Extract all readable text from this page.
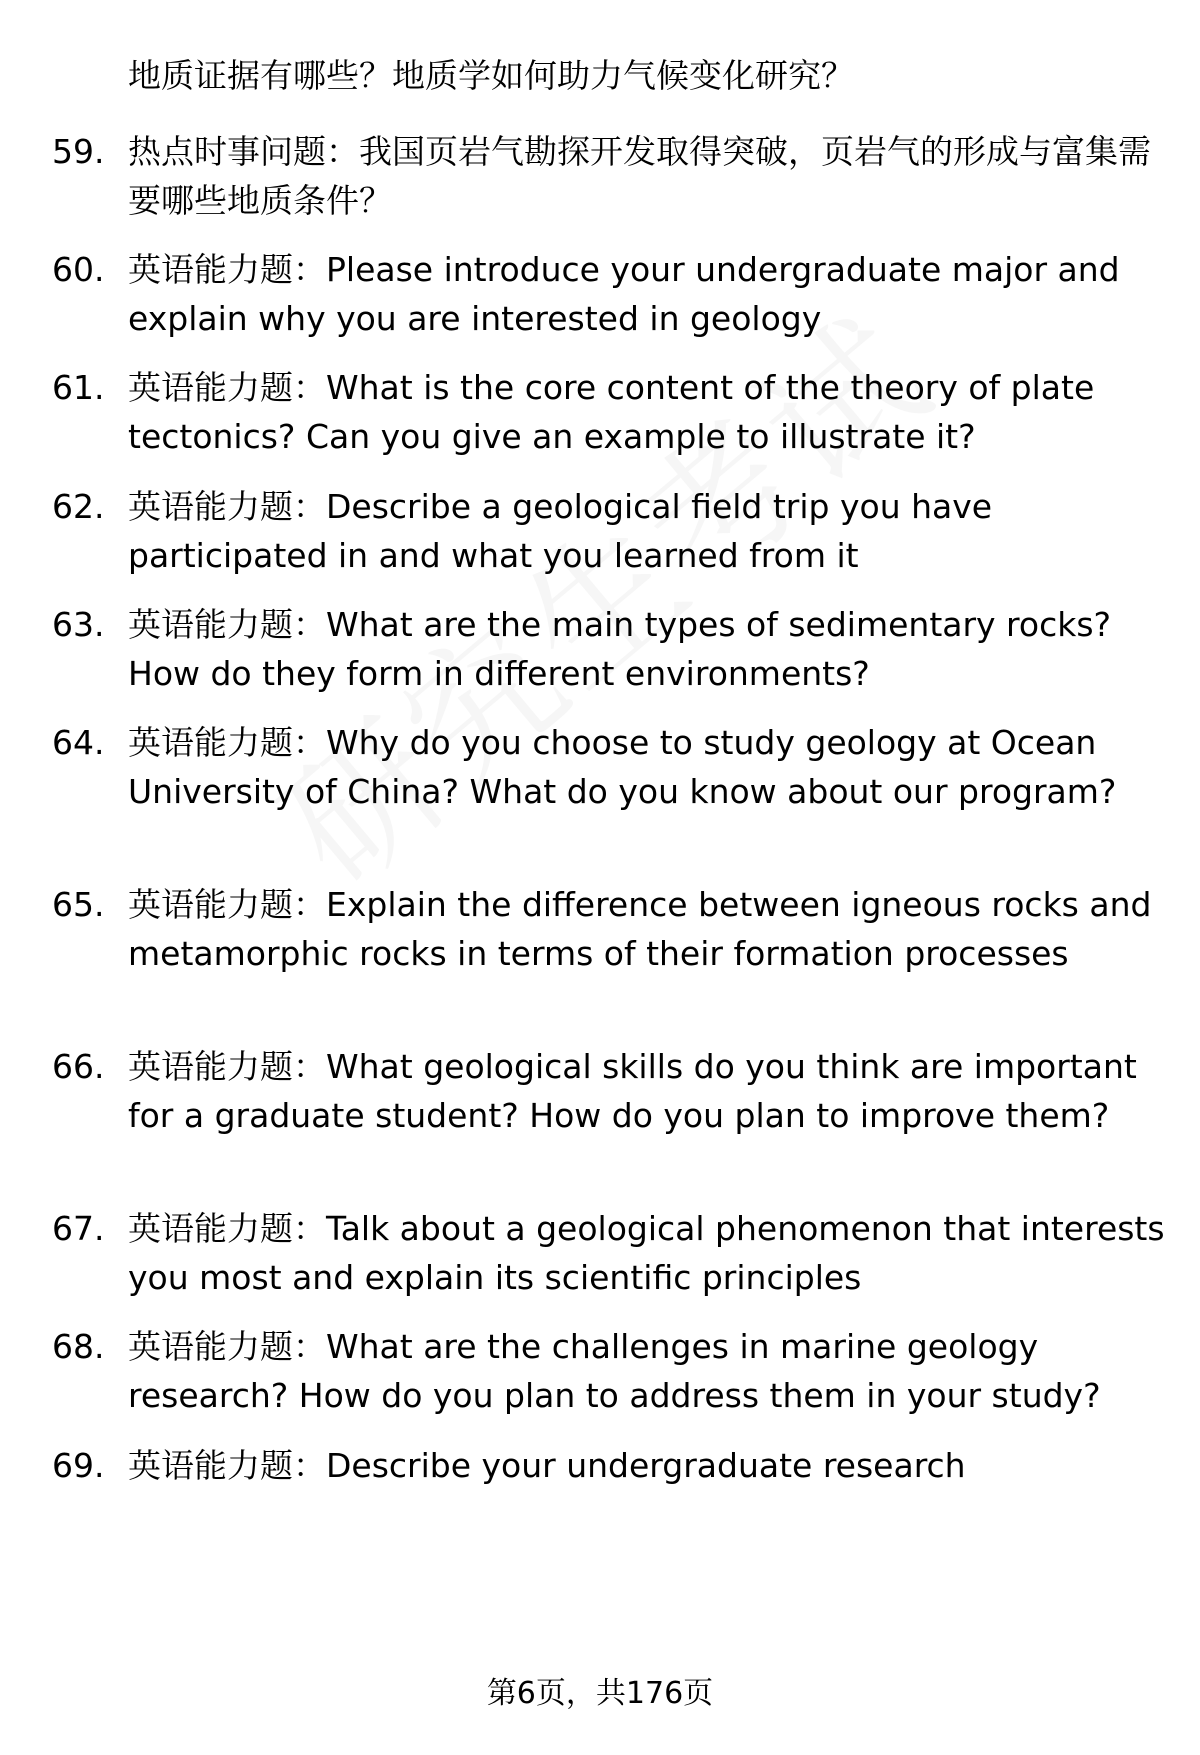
地质证据有哪些？地质学如何助力气候变化研究？
59. 热点时事问题：我国页岩气勘探开发取得突破，页岩气的形成与富集需要哪些地质条件？
60. 英语能力题：Please introduce your undergraduate major and explain why you are interested in geology
61. 英语能力题：What is the core content of the theory of plate tectonics? Can you give an example to illustrate it?
62. 英语能力题：Describe a geological field trip you have participated in and what you learned from it
63. 英语能力题：What are the main types of sedimentary rocks? How do they form in different environments?
64. 英语能力题：Why do you choose to study geology at Ocean University of China? What do you know about our program?
65. 英语能力题：Explain the difference between igneous rocks and metamorphic rocks in terms of their formation processes
66. 英语能力题：What geological skills do you think are important for a graduate student? How do you plan to improve them?
67. 英语能力题：Talk about a geological phenomenon that interests you most and explain its scientific principles
68. 英语能力题：What are the challenges in marine geology research? How do you plan to address them in your study?
69. 英语能力题：Describe your undergraduate research
第6页，共176页
